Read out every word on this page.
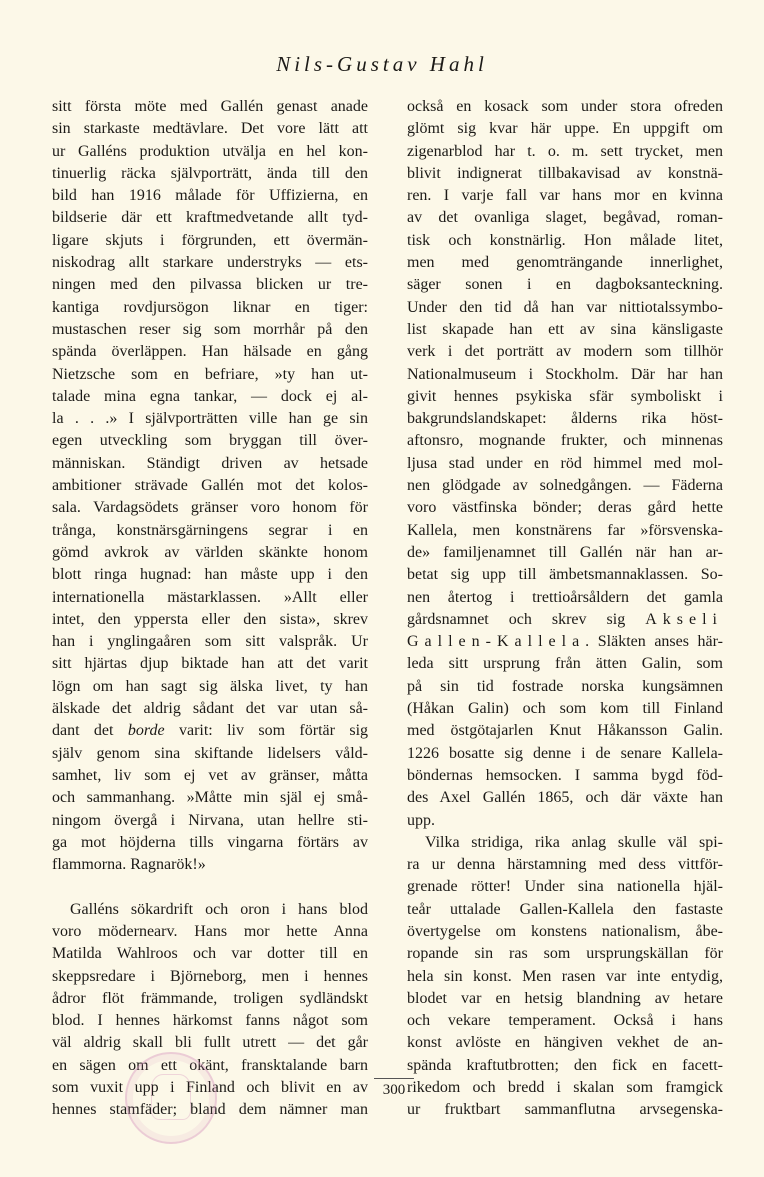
Nils-Gustav Hahl
sitt första möte med Gallén genast anade
sin starkaste medtävlare. Det vore lätt att
ur Galléns produktion utvälja en hel kon-
tinuerlig räcka självporträtt, ända till den
bild han 1916 målade för Uffizierna, en
bildserie där ett kraftmedvetande allt tyd-
ligare skjuts i förgrunden, ett övermän-
niskodrag allt starkare understryks — ets-
ningen med den pilvassa blicken ur tre-
kantiga rovdjursögon liknar en tiger:
mustaschen reser sig som morrhår på den
spända överläppen. Han hälsade en gång
Nietzsche som en befriare, »ty han ut-
talade mina egna tankar, — dock ej al-
la . . .» I självporträtten ville han ge sin
egen utveckling som bryggan till över-
människan. Ständigt driven av hetsade
ambitioner strävade Gallén mot det kolos-
sala. Vardagsödets gränser voro honom för
trånga, konstnärsgärningens segrar i en
gömd avkrok av världen skänkte honom
blott ringa hugnad: han måste upp i den
internationella mästarklassen. »Allt eller
intet, den yppersta eller den sista», skrev
han i ynglingaåren som sitt valspråk. Ur
sitt hjärtas djup biktade han att det varit
lögn om han sagt sig älska livet, ty han
älskade det aldrig sådant det var utan så-
dant det borde varit: liv som förtär sig
själv genom sina skiftande lidelsers våld-
samhet, liv som ej vet av gränser, måtta
och sammanhang. »Måtte min själ ej små-
ningom övergå i Nirvana, utan hellre sti-
ga mot höjderna tills vingarna förtärs av
flammorna. Ragnarök!»
Galléns sökardrift och oron i hans blod
voro mödernearv. Hans mor hette Anna
Matilda Wahlroos och var dotter till en
skeppsredare i Björneborg, men i hennes
ådror flöt främmande, troligen sydländskt
blod. I hennes härkomst fanns något som
väl aldrig skall bli fullt utrett — det går
en sägen om ett okänt, fransktalande barn
som vuxit upp i Finland och blivit en av
hennes stamfäder; bland dem nämner man
också en kosack som under stora ofreden
glömt sig kvar här uppe. En uppgift om
zigenarblod har t. o. m. sett trycket, men
blivit indignerat tillbakavisad av konstnä-
ren. I varje fall var hans mor en kvinna
av det ovanliga slaget, begåvad, roman-
tisk och konstnärlig. Hon målade litet,
men med genomträngande innerlighet,
säger sonen i en dagboksanteckning.
Under den tid då han var nittiotalssymbo-
list skapade han ett av sina känsligaste
verk i det porträtt av modern som tillhör
Nationalmuseum i Stockholm. Där har han
givit hennes psykiska sfär symboliskt i
bakgrundslandskapet: ålderns rika höst-
aftonsro, mognande frukter, och minnenas
ljusa stad under en röd himmel med mol-
nen glödgade av solnedgången. — Fäderna
voro västfinska bönder; deras gård hette
Kallela, men konstnärens far »försvenska-
de» familjenamnet till Gallén när han ar-
betat sig upp till ämbetsmannaklassen. So-
nen återtog i trettioårsåldern det gamla
gårdsnamnet och skrev sig Akseli
Gallen-Kallela. Släkten anses här-
leda sitt ursprung från ätten Galin, som
på sin tid fostrade norska kungsämnen
(Håkan Galin) och som kom till Finland
med östgötajarlen Knut Håkansson Galin.
1226 bosatte sig denne i de senare Kallela-
böndernas hemsocken. I samma bygd föd-
des Axel Gallén 1865, och där växte han
upp.
Vilka stridiga, rika anlag skulle väl spi-
ra ur denna härstamning med dess vittför-
grenade rötter! Under sina nationella hjäl-
teår uttalade Gallen-Kallela den fastaste
övertygelse om konstens nationalism, åbe-
ropande sin ras som ursprungskällan för
hela sin konst. Men rasen var inte entydig,
blodet var en hetsig blandning av hetare
och vekare temperament. Också i hans
konst avlöste en hängiven vekhet de an-
spända kraftutbrotten; den fick en facett-
rikedom och bredd i skalan som framgick
ur fruktbart sammanflutna arvsegenska-
300
